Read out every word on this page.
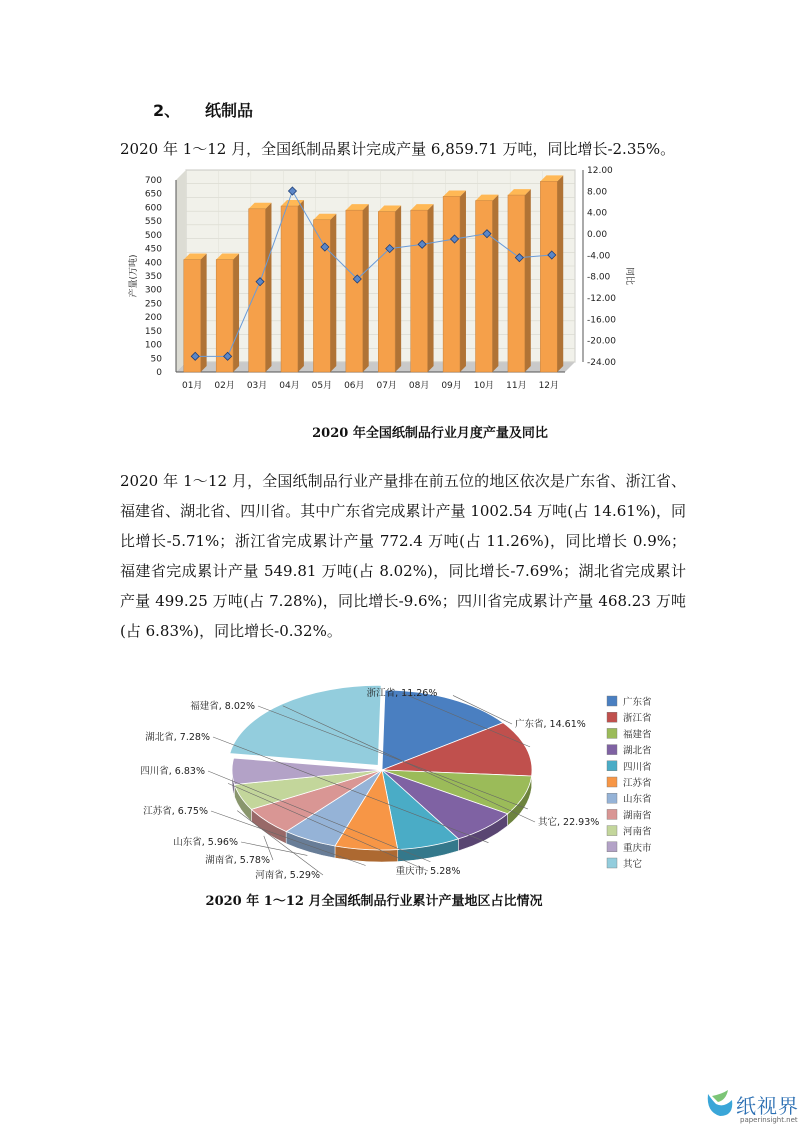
2、 纸制品
2020 年 1～12 月，全国纸制品累计完成产量 6,859.71 万吨，同比增长-2.35%。
0
50
100
150
200
250
300
350
400
450
500
550
600
650
700
-24.00
-20.00
-16.00
-12.00
-8.00
-4.00
0.00
4.00
8.00
12.00
产量(万吨)	同比
01月 02月 03月 04月 05月 06月 07月 08月 09月 10月 11月 12月
2020 年全国纸制品行业月度产量及同比
2020 年 1～12 月，全国纸制品行业产量排在前五位的地区依次是广东省、浙江省、福建省、湖北省、四川省。其中广东省完成累计产量 1002.54 万吨(占 14.61%)，同比增长-5.71%；浙江省完成累计产量 772.4 万吨(占 11.26%)，同比增长 0.9%；福建省完成累计产量 549.81 万吨(占 8.02%)，同比增长-7.69%；湖北省完成累计产量 499.25 万吨(占 7.28%)，同比增长-9.6%；四川省完成累计产量 468.23 万吨(占 6.83%)，同比增长-0.32%。
广东省, 14.61%
浙江省, 11.26%
福建省, 8.02%
湖北省, 7.28%
四川省, 6.83%
江苏省, 6.75%
山东省, 5.96%
湖南省, 5.78%
河南省, 5.29%	重庆市, 5.28%
其它, 22.93%
广东省
浙江省
福建省
湖北省
四川省
江苏省
山东省
湖南省
河南省
重庆市
其它
2020 年 1～12 月全国纸制品行业累计产量地区占比情况
纸视界
paperinsight.net
